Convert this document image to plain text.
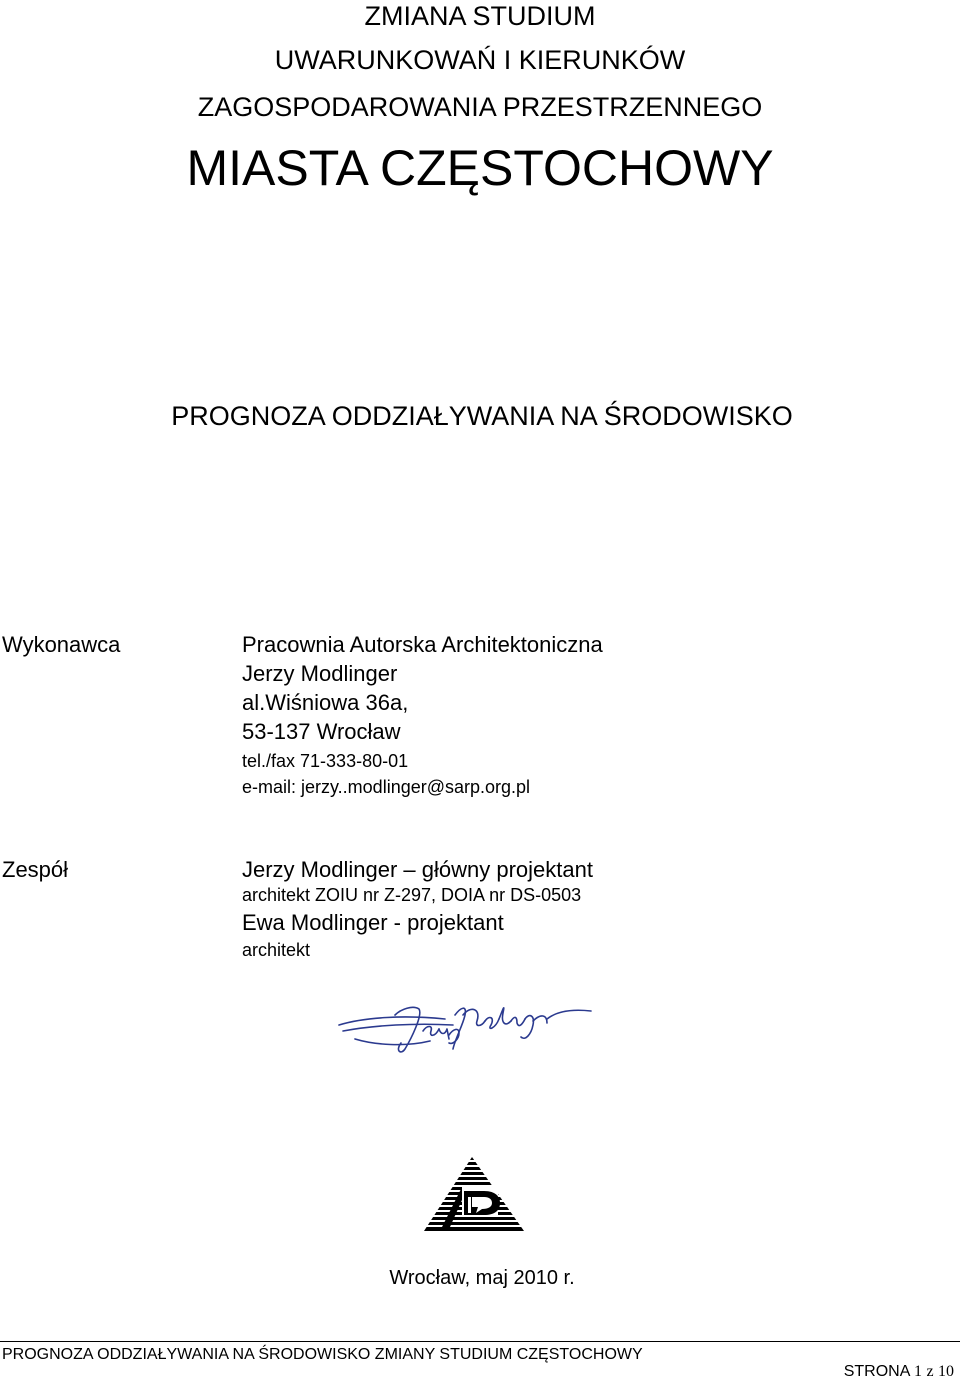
ZMIANA STUDIUM
UWARUNKOWAŃ I KIERUNKÓW
ZAGOSPODAROWANIA PRZESTRZENNEGO
MIASTA CZĘSTOCHOWY
PROGNOZA ODDZIAŁYWANIA NA ŚRODOWISKO
Wykonawca	Pracownia Autorska Architektoniczna
Jerzy Modlinger
al.Wiśniowa 36a,
53-137 Wrocław
tel./fax 71-333-80-01
e-mail: jerzy..modlinger@sarp.org.pl
Zespół	Jerzy Modlinger – główny projektant
architekt ZOIU nr Z-297, DOIA nr DS-0503
Ewa Modlinger - projektant
architekt
Wrocław, maj 2010 r.
PROGNOZA ODDZIAŁYWANIA NA ŚRODOWISKO ZMIANY STUDIUM CZĘSTOCHOWY
STRONA 1 z 10
